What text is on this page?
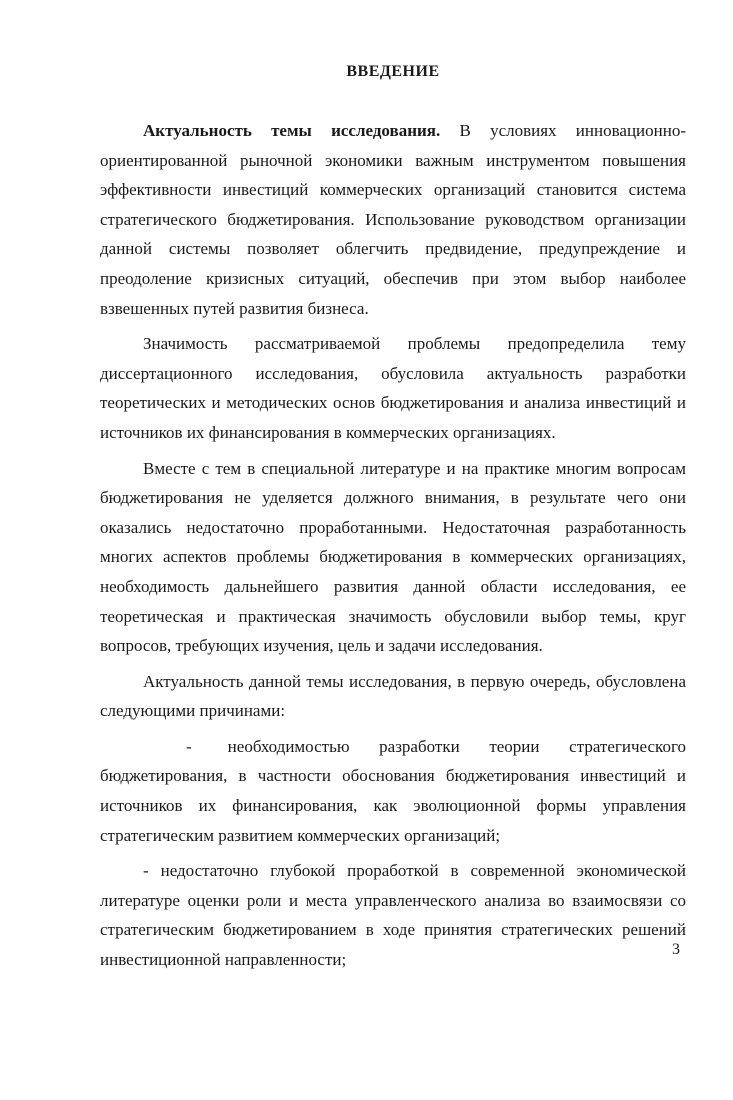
ВВЕДЕНИЕ

Актуальность темы исследования. В условиях инновационно-ориентированной рыночной экономики важным инструментом повышения эффективности инвестиций коммерческих организаций становится система стратегического бюджетирования. Использование руководством организации данной системы позволяет облегчить предвидение, предупреждение и преодоление кризисных ситуаций, обеспечив при этом выбор наиболее взвешенных путей развития бизнеса.

Значимость рассматриваемой проблемы предопределила тему диссертационного исследования, обусловила актуальность разработки теоретических и методических основ бюджетирования и анализа инвестиций и источников их финансирования в коммерческих организациях.

Вместе с тем в специальной литературе и на практике многим вопросам бюджетирования не уделяется должного внимания, в результате чего они оказались недостаточно проработанными. Недостаточная разработанность многих аспектов проблемы бюджетирования в коммерческих организациях, необходимость дальнейшего развития данной области исследования, ее теоретическая и практическая значимость обусловили выбор темы, круг вопросов, требующих изучения, цель и задачи исследования.

Актуальность данной темы исследования, в первую очередь, обусловлена следующими причинами:

- необходимостью разработки теории стратегического бюджетирования, в частности обоснования бюджетирования инвестиций и источников их финансирования, как эволюционной формы управления стратегическим развитием коммерческих организаций;

- недостаточно глубокой проработкой в современной экономической литературе оценки роли и места управленческого анализа во взаимосвязи со стратегическим бюджетированием в ходе принятия стратегических решений инвестиционной направленности;

3
